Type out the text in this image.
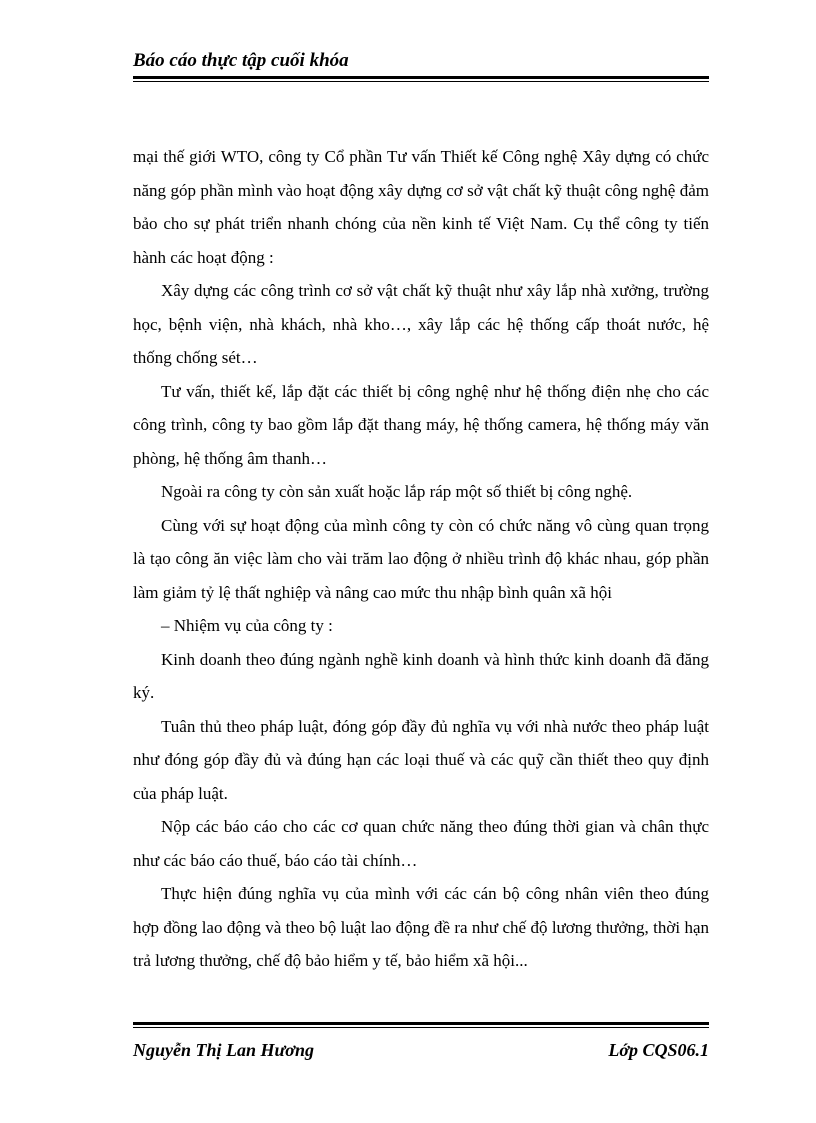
Báo cáo thực tập cuối khóa

mại thế giới WTO, công ty Cổ phần Tư vấn Thiết kế Công nghệ Xây dựng có chức năng góp phần mình vào hoạt động xây dựng cơ sở vật chất kỹ thuật công nghệ đảm bảo cho sự phát triển nhanh chóng của nền kinh tế Việt Nam. Cụ thể công ty tiến hành các hoạt động :

Xây dựng các công trình cơ sở vật chất kỹ thuật như xây lắp nhà xưởng, trường học, bệnh viện, nhà khách, nhà kho…, xây lắp các hệ thống cấp thoát nước, hệ thống chống sét…

Tư vấn, thiết kế, lắp đặt các thiết bị công nghệ như hệ thống điện nhẹ cho các công trình, công ty bao gồm lắp đặt thang máy, hệ thống camera, hệ thống máy văn phòng, hệ thống âm thanh…

Ngoài ra công ty còn sản xuất hoặc lắp ráp một số thiết bị công nghệ.

Cùng với sự hoạt động của mình công ty còn có chức năng vô cùng quan trọng là tạo công ăn việc làm cho vài trăm lao động ở nhiều trình độ khác nhau, góp phần làm giảm tỷ lệ thất nghiệp và nâng cao mức thu nhập bình quân xã hội

– Nhiệm vụ của công ty :

Kinh doanh theo đúng ngành nghề kinh doanh và hình thức kinh doanh đã đăng ký.

Tuân thủ theo pháp luật, đóng góp đầy đủ nghĩa vụ với nhà nước theo pháp luật như đóng góp đầy đủ và đúng hạn các loại thuế và các quỹ cần thiết theo quy định của pháp luật.

Nộp các báo cáo cho các cơ quan chức năng theo đúng thời gian và chân thực như các báo cáo thuế, báo cáo tài chính…

Thực hiện đúng nghĩa vụ của mình với các cán bộ công nhân viên theo đúng hợp đồng lao động và theo bộ luật lao động đề ra như chế độ lương thưởng, thời hạn trả lương thưởng, chế độ bảo hiểm y tế, bảo hiểm xã hội...

Nguyễn Thị Lan Hương	Lớp CQS06.1
